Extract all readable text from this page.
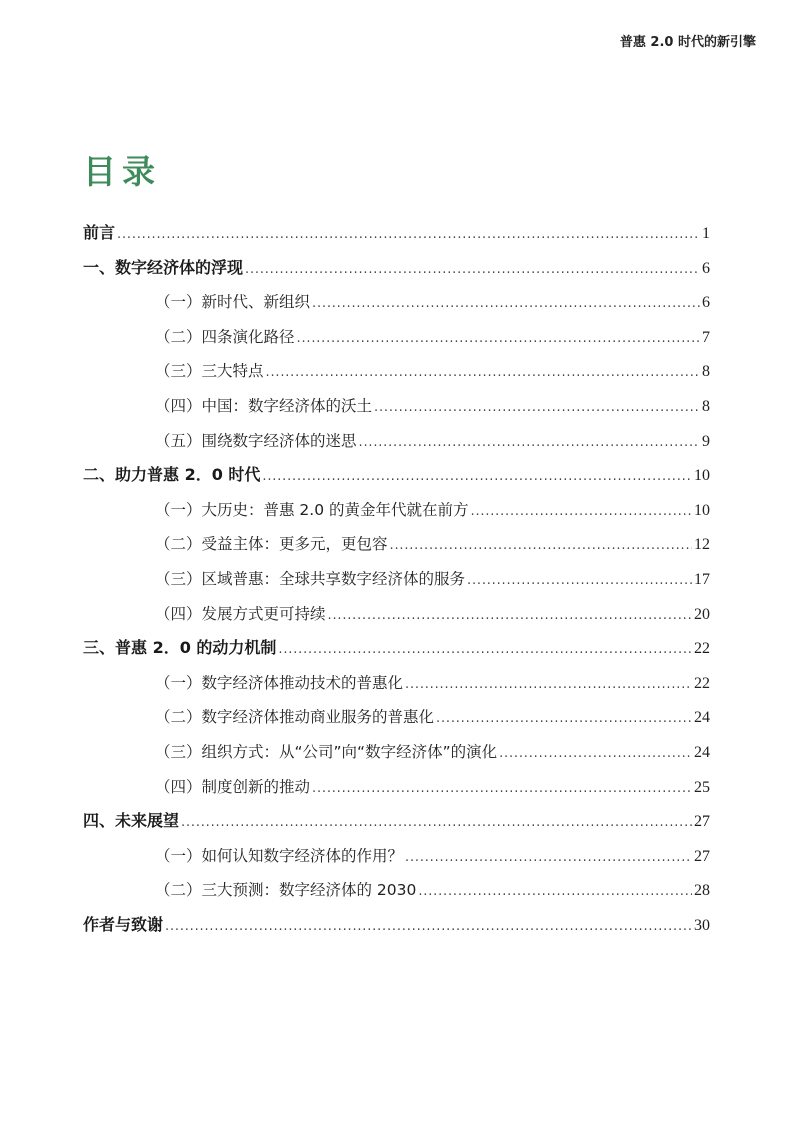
普惠 2.0 时代的新引擎
目录
前言 .....	1
一、数字经济体的浮现 .....	6
（一）新时代、新组织 .....	6
（二）四条演化路径 .....	7
（三）三大特点 .....	8
（四）中国：数字经济体的沃土 .....	8
（五）围绕数字经济体的迷思 .....	9
二、助力普惠 2．0 时代 .....	10
（一）大历史：普惠 2.0 的黄金年代就在前方 .....	10
（二）受益主体：更多元，更包容 .....	12
（三）区域普惠：全球共享数字经济体的服务 .....	17
（四）发展方式更可持续 .....	20
三、普惠 2．0 的动力机制 .....	22
（一）数字经济体推动技术的普惠化 .....	22
（二）数字经济体推动商业服务的普惠化 .....	24
（三）组织方式：从“公司”向“数字经济体”的演化 .....	24
（四）制度创新的推动 .....	25
四、未来展望 .....	27
（一）如何认知数字经济体的作用？ .....	27
（二）三大预测：数字经济体的 2030 .....	28
作者与致谢 .....	30
